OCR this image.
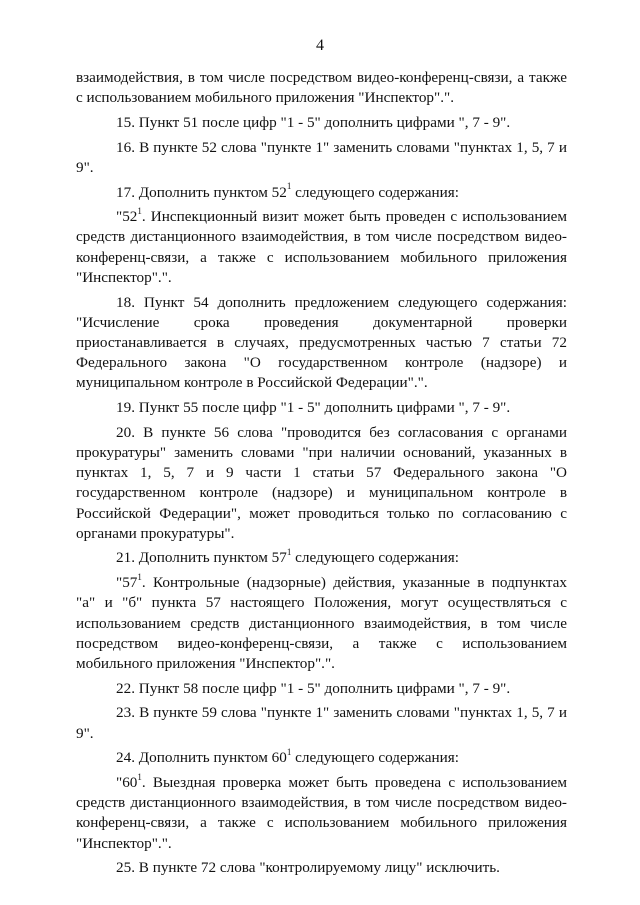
4

взаимодействия, в том числе посредством видео-конференц-связи, а также с использованием мобильного приложения "Инспектор".".

15. Пункт 51 после цифр "1 - 5" дополнить цифрами ", 7 - 9".

16. В пункте 52 слова "пункте 1" заменить словами "пунктах 1, 5, 7 и 9".

17. Дополнить пунктом $52^1$ следующего содержания:

"$52^1$. Инспекционный визит может быть проведен с использованием средств дистанционного взаимодействия, в том числе посредством видео-конференц-связи, а также с использованием мобильного приложения "Инспектор".".

18. Пункт 54 дополнить предложением следующего содержания: "Исчисление срока проведения документарной проверки приостанавливается в случаях, предусмотренных частью 7 статьи 72 Федерального закона "О государственном контроле (надзоре) и муниципальном контроле в Российской Федерации".".

19. Пункт 55 после цифр "1 - 5" дополнить цифрами ", 7 - 9".

20. В пункте 56 слова "проводится без согласования с органами прокуратуры" заменить словами "при наличии оснований, указанных в пунктах 1, 5, 7 и 9 части 1 статьи 57 Федерального закона "О государственном контроле (надзоре) и муниципальном контроле в Российской Федерации", может проводиться только по согласованию с органами прокуратуры".

21. Дополнить пунктом $57^1$ следующего содержания:

"$57^1$. Контрольные (надзорные) действия, указанные в подпунктах "а" и "б" пункта 57 настоящего Положения, могут осуществляться с использованием средств дистанционного взаимодействия, в том числе посредством видео-конференц-связи, а также с использованием мобильного приложения "Инспектор".".

22. Пункт 58 после цифр "1 - 5" дополнить цифрами ", 7 - 9".

23. В пункте 59 слова "пункте 1" заменить словами "пунктах 1, 5, 7 и 9".

24. Дополнить пунктом $60^1$ следующего содержания:

"$60^1$. Выездная проверка может быть проведена с использованием средств дистанционного взаимодействия, в том числе посредством видео-конференц-связи, а также с использованием мобильного приложения "Инспектор".".

25. В пункте 72 слова "контролируемому лицу" исключить.
